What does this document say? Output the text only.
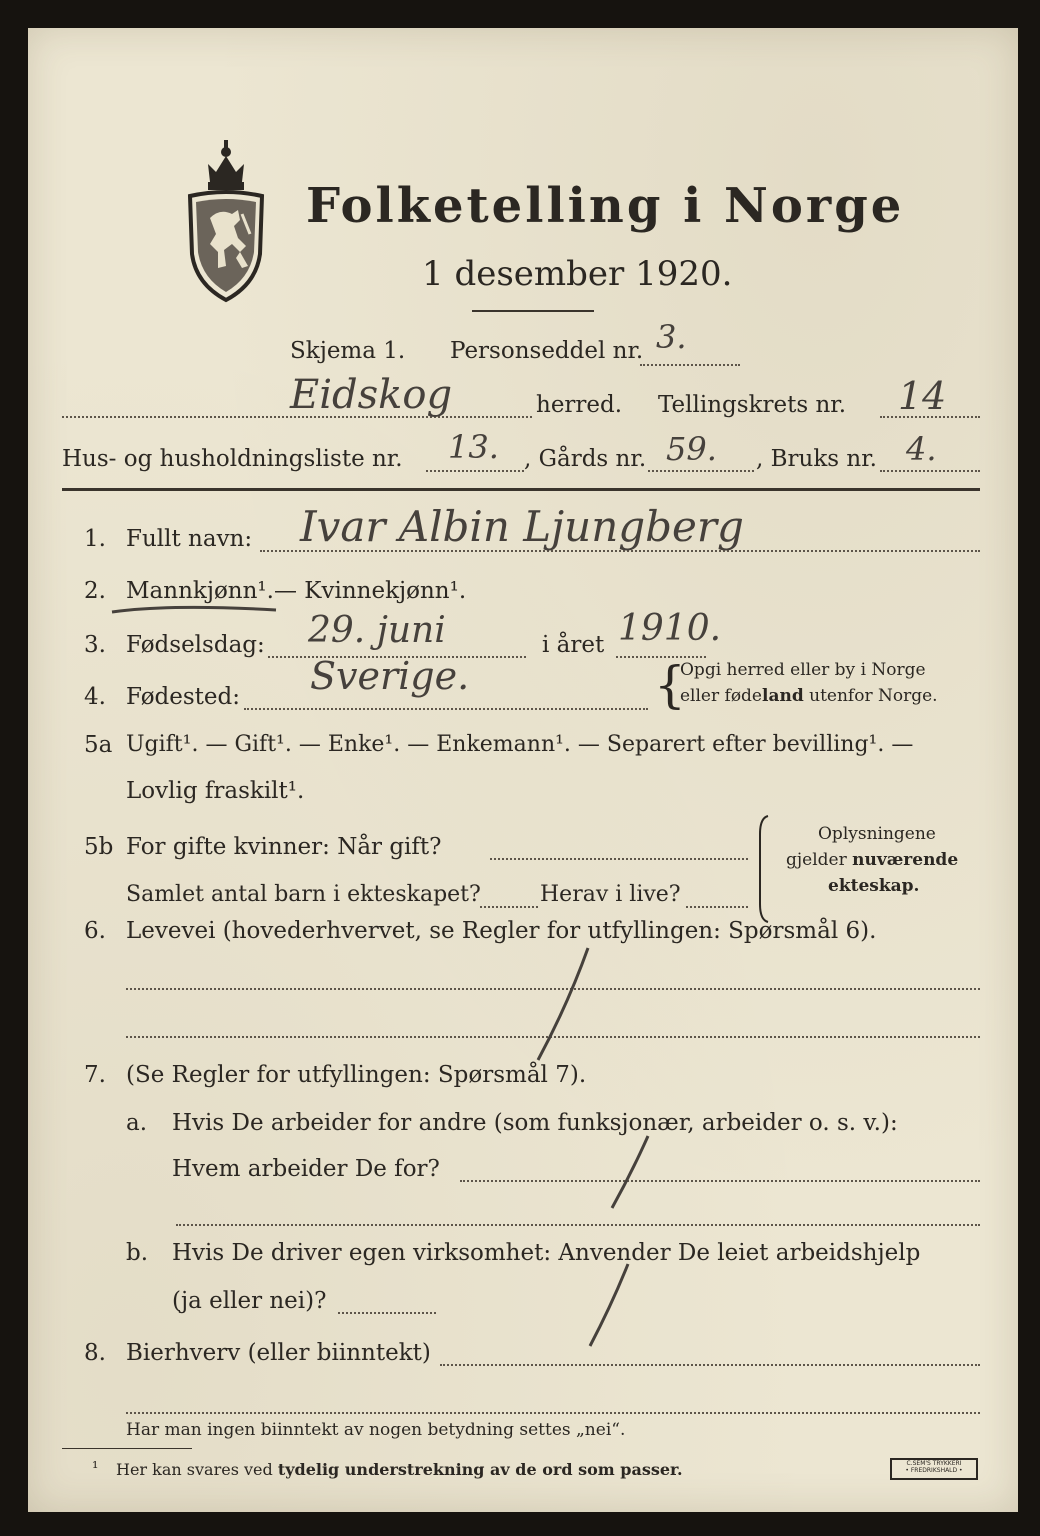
Folketelling i Norge
1 desember 1920.
Skjema 1. Personseddel nr. 3.
Eidskog	herred. Tellingskrets nr. 14
Hus- og husholdningsliste nr. 13. , Gårds nr. 59. , Bruks nr. 4.
1. Fullt navn: Ivar Albin Ljungberg
2. Mannkjønn¹. — Kvinnekjønn¹.
3. Fødselsdag: 29. juni	i året 1910.
4. Fødested: Sverige.	{
Opgi herred eller by i Norge
eller fødeland utenfor Norge.
5a Ugift¹. — Gift¹. — Enke¹. — Enkemann¹. — Separert efter bevilling¹. —
Lovlig fraskilt¹.
5b For gifte kvinner: Når gift?
Samlet antal barn i ekteskapet?	Herav i live?
Oplysningene
gjelder nuværende
ekteskap.
6. Levevei (hovederhvervet, se Regler for utfyllingen: Spørsmål 6).
7. (Se Regler for utfyllingen: Spørsmål 7).
a. Hvis De arbeider for andre (som funksjonær, arbeider o. s. v.):
Hvem arbeider De for?
b. Hvis De driver egen virksomhet: Anvender De leiet arbeidshjelp
(ja eller nei)?
8. Bierhverv (eller biinntekt)
Har man ingen biinntekt av nogen betydning settes „nei“.
¹ Her kan svares ved tydelig understrekning av de ord som passer.	C.SEM'S TRYKKERI
• FREDRIKSHALD •
